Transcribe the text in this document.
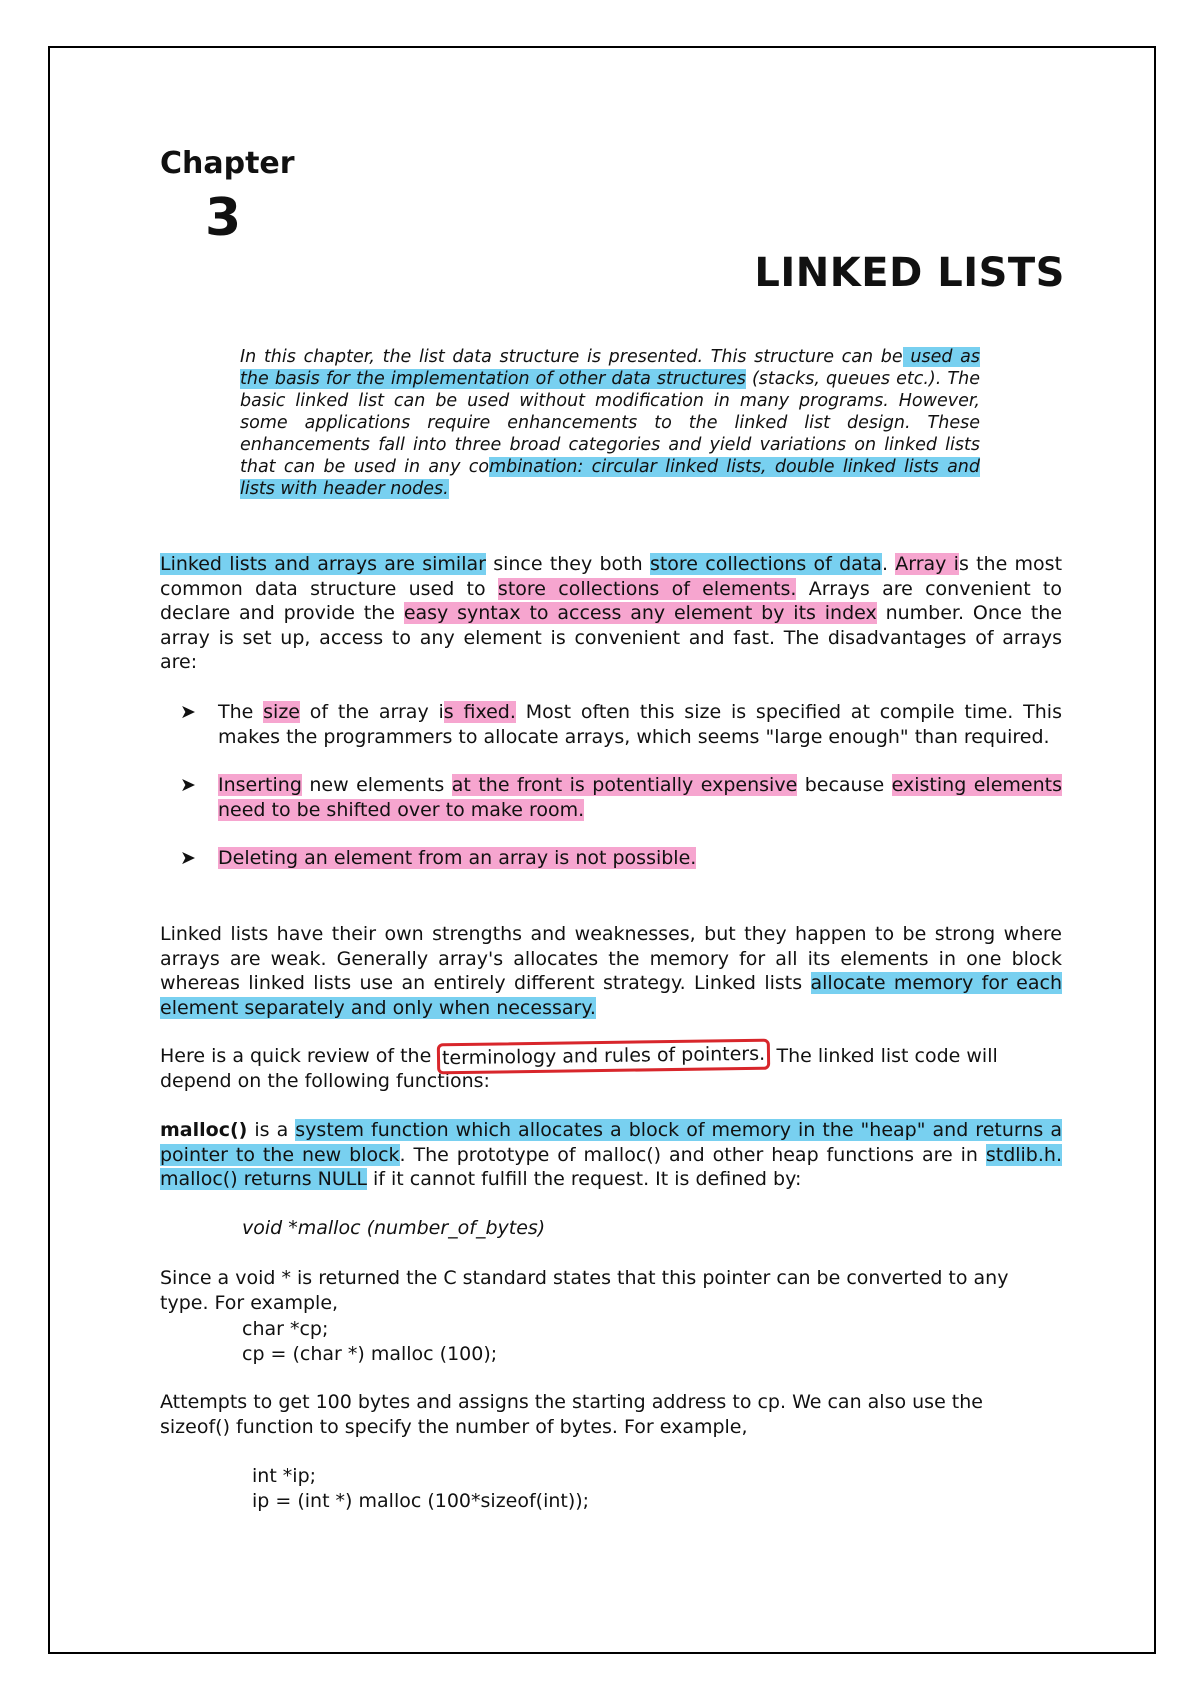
Chapter
3
LINKED LISTS
In this chapter, the list data structure is presented. This structure can be used as the basis for the implementation of other data structures (stacks, queues etc.). The basic linked list can be used without modification in many programs. However, some applications require enhancements to the linked list design. These enhancements fall into three broad categories and yield variations on linked lists that can be used in any combination: circular linked lists, double linked lists and lists with header nodes.
Linked lists and arrays are similar since they both store collections of data. Array is the most common data structure used to store collections of elements. Arrays are convenient to declare and provide the easy syntax to access any element by its index number. Once the array is set up, access to any element is convenient and fast. The disadvantages of arrays are:
➤	The size of the array is fixed. Most often this size is specified at compile time. This makes the programmers to allocate arrays, which seems "large enough" than required.
➤	Inserting new elements at the front is potentially expensive because existing elements need to be shifted over to make room.
➤	Deleting an element from an array is not possible.
Linked lists have their own strengths and weaknesses, but they happen to be strong where arrays are weak. Generally array's allocates the memory for all its elements in one block whereas linked lists use an entirely different strategy. Linked lists allocate memory for each element separately and only when necessary.
Here is a quick review of the terminology and rules of pointers. The linked list code will depend on the following functions:
malloc() is a system function which allocates a block of memory in the "heap" and returns a pointer to the new block. The prototype of malloc() and other heap functions are in stdlib.h. malloc() returns NULL if it cannot fulfill the request. It is defined by:
void *malloc (number_of_bytes)
Since a void * is returned the C standard states that this pointer can be converted to any type. For example,
char *cp;
cp = (char *) malloc (100);
Attempts to get 100 bytes and assigns the starting address to cp. We can also use the sizeof() function to specify the number of bytes. For example,
int *ip;
ip = (int *) malloc (100*sizeof(int));
